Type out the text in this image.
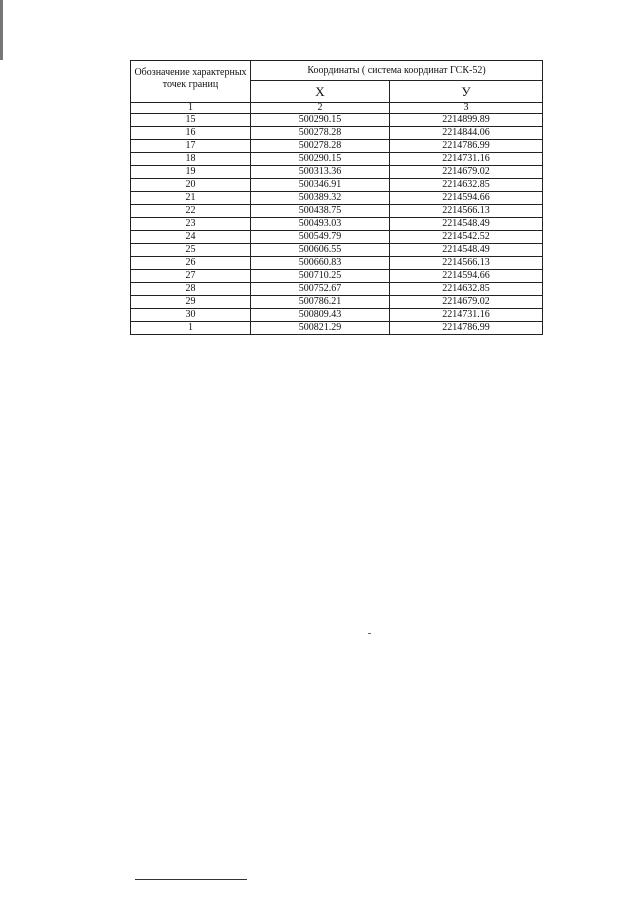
Обозначение характерных точек границ	Координаты ( система координат ГСК-52)	
	X	У
1	2	3
15	500290.15	2214899.89
16	500278.28	2214844.06
17	500278.28	2214786.99
18	500290.15	2214731.16
19	500313.36	2214679.02
20	500346.91	2214632.85
21	500389.32	2214594.66
22	500438.75	2214566.13
23	500493.03	2214548.49
24	500549.79	2214542.52
25	500606.55	2214548.49
26	500660.83	2214566.13
27	500710.25	2214594.66
28	500752.67	2214632.85
29	500786.21	2214679.02
30	500809.43	2214731.16
1	500821.29	2214786.99
